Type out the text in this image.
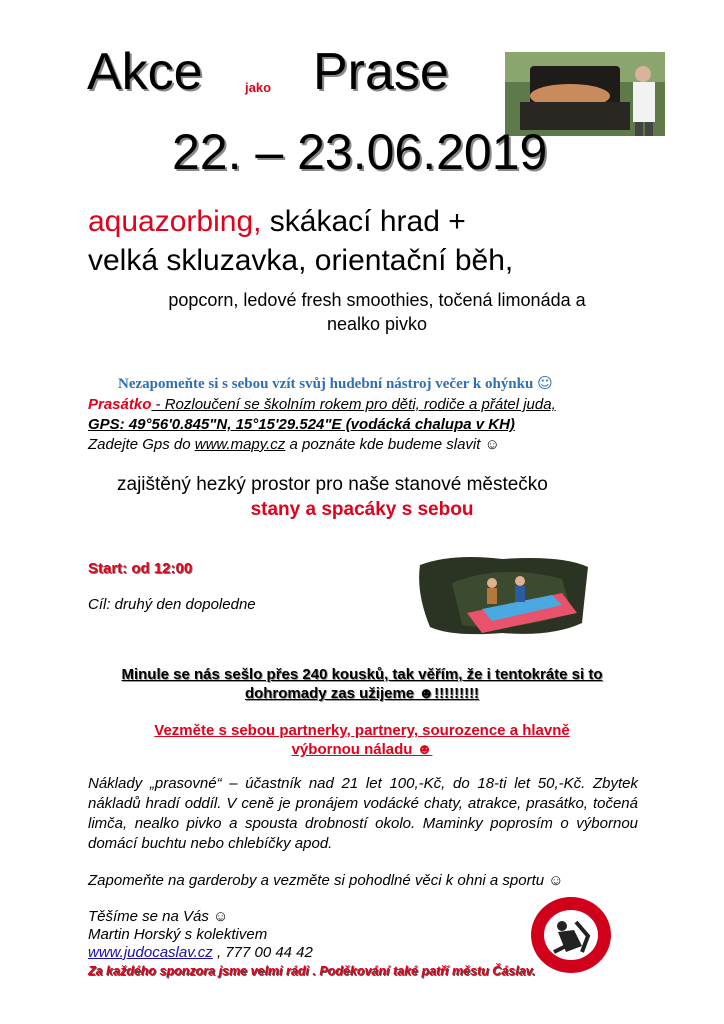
Akce	jako Prase
22. – 23.06.2019
aquazorbing, skákací hrad +
velká skluzavka, orientační běh,
popcorn, ledové fresh smoothies, točená limonáda a
nealko pivko
Nezapomeňte si s sebou vzít svůj hudební nástroj večer k ohýnku ☺
Prasátko - Rozloučení se školním rokem pro děti, rodiče a přátel juda,
GPS: 49°56'0.845"N, 15°15'29.524"E (vodácká chalupa v KH)
Zadejte Gps do www.mapy.cz a poznáte kde budeme slavit ☺
zajištěný hezký prostor pro naše stanové městečko
stany a spacáky s sebou
Start: od 12:00
Cíl: druhý den dopoledne
Minule se nás sešlo přes 240 kousků, tak věřím, že i tentokráte si to
dohromady zas užijeme ☻!!!!!!!!!
Vezměte s sebou partnerky, partnery, sourozence a hlavně
výbornou náladu ☻
Náklady „prasovné“ – účastník nad 21 let 100,-Kč, do 18-ti let 50,-Kč. Zbytek nákladů hradí oddíl. V ceně je pronájem vodácké chaty, atrakce, prasátko, točená limča, nealko pivko a spousta drobností okolo. Maminky poprosím o výbornou domácí buchtu nebo chlebíčky apod.
Zapomeňte na garderoby a vezměte si pohodlné věci k ohni a sportu ☺
Těšíme se na Vás ☺
Martin Horský s kolektivem
www.judocaslav.cz , 777 00 44 42
Za každého sponzora jsme velmi rádi . Poděkování také patří městu Čáslav.
